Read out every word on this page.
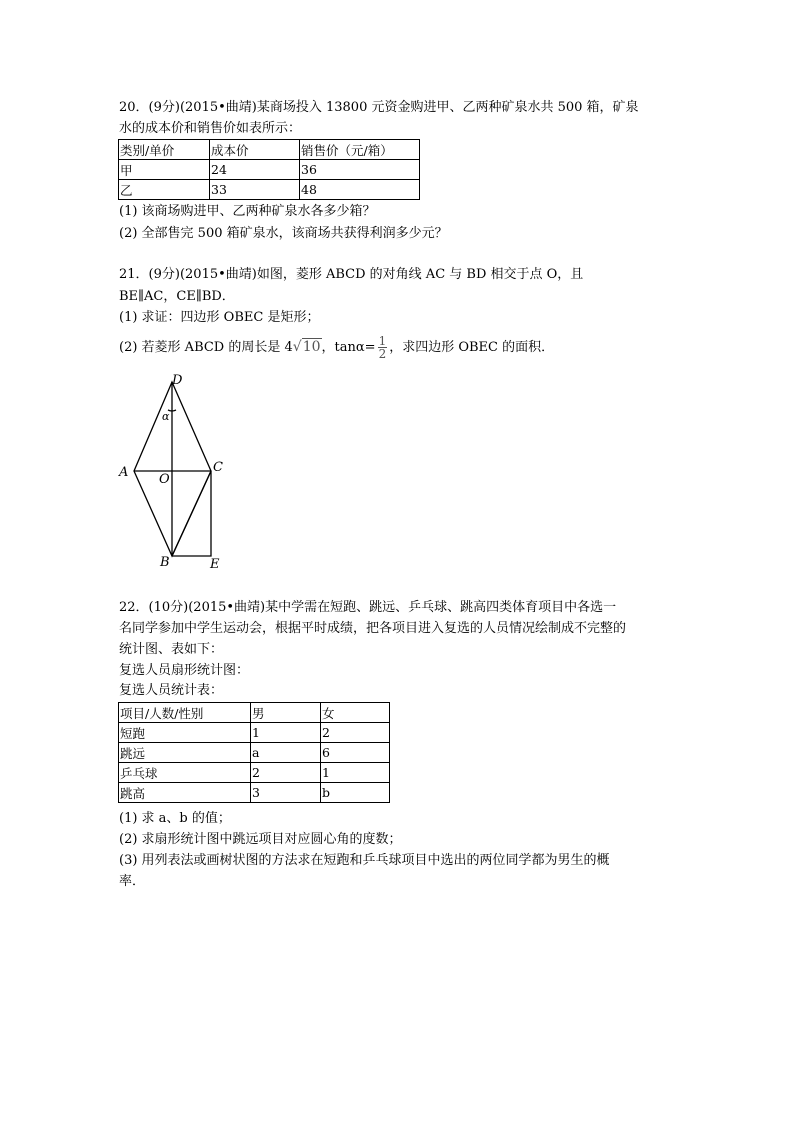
20．(9分)(2015•曲靖)某商场投入 13800 元资金购进甲、乙两种矿泉水共 500 箱，矿泉
水的成本价和销售价如表所示：
类别/单价	成本价	销售价（元/箱）
甲	24	36
乙	33	48
(1) 该商场购进甲、乙两种矿泉水各多少箱？
(2) 全部售完 500 箱矿泉水，该商场共获得利润多少元？
21．(9分)(2015•曲靖)如图，菱形 ABCD 的对角线 AC 与 BD 相交于点 O，且
BE∥AC，CE∥BD．
(1) 求证：四边形 OBEC 是矩形；
(2) 若菱形 ABCD 的周长是 4√10，$\tan\alpha= \frac{1}{2}$ ，求四边形 OBEC 的面积．
D
α
A O
C
B	E
22．(10分)(2015•曲靖)某中学需在短跑、跳远、乒乓球、跳高四类体育项目中各选一
名同学参加中学生运动会，根据平时成绩，把各项目进入复选的人员情况绘制成不完整的
统计图、表如下：
复选人员扇形统计图：
复选人员统计表：
项目/人数/性别	男	女
短跑	1	2
跳远	a	6
乒乓球	2	1
跳高	3	b
(1) 求 a、b 的值；
(2) 求扇形统计图中跳远项目对应圆心角的度数；
(3) 用列表法或画树状图的方法求在短跑和乒乓球项目中选出的两位同学都为男生的概
率．
